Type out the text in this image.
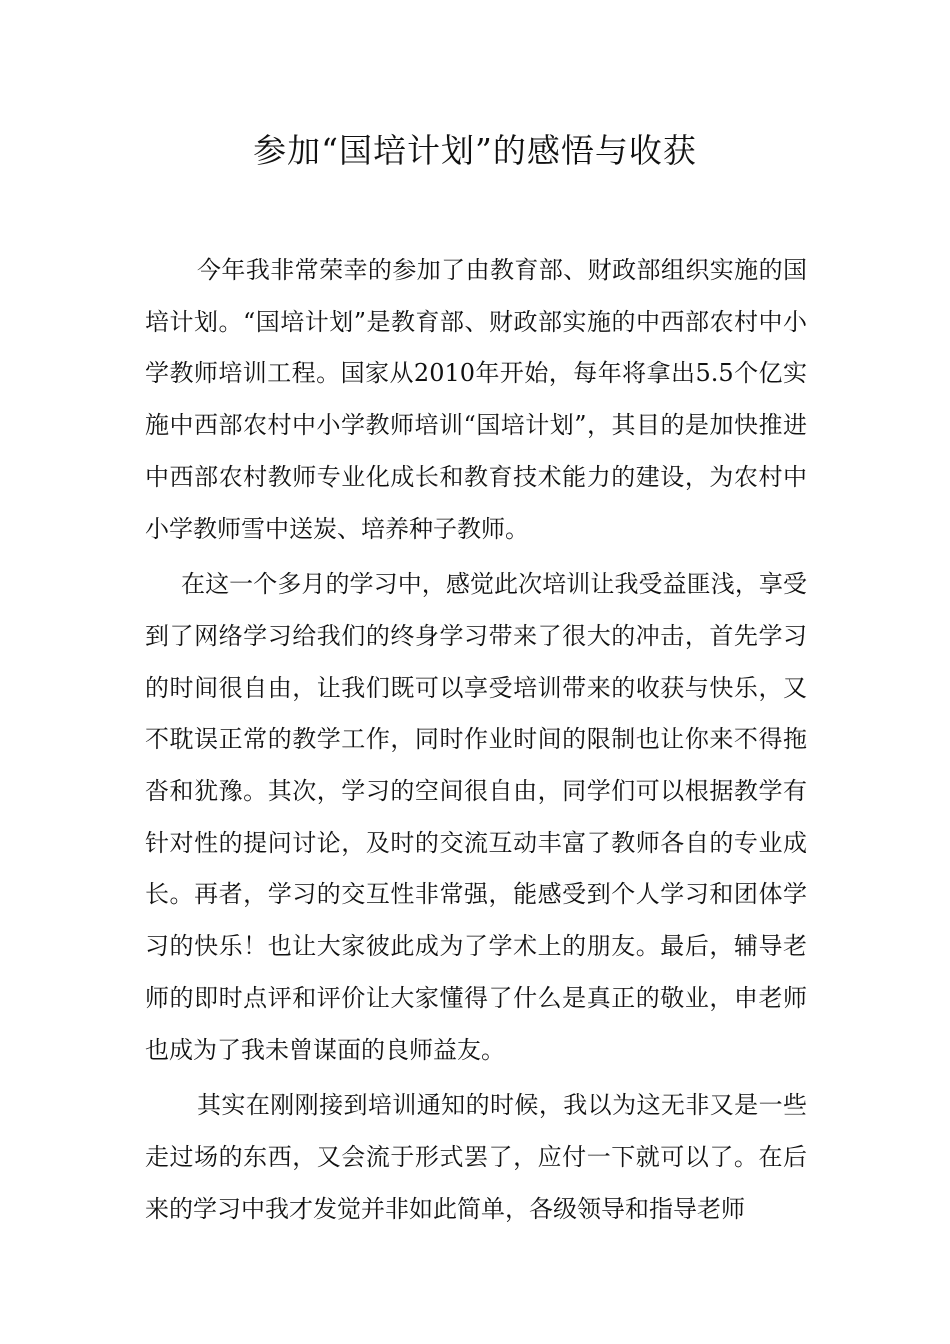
参加“国培计划”的感悟与收获

今年我非常荣幸的参加了由教育部、财政部组织实施的国培计划。“国培计划”是教育部、财政部实施的中西部农村中小学教师培训工程。国家从2010年开始，每年将拿出5.5个亿实施中西部农村中小学教师培训“国培计划”，其目的是加快推进中西部农村教师专业化成长和教育技术能力的建设，为农村中小学教师雪中送炭、培养种子教师。

在这一个多月的学习中，感觉此次培训让我受益匪浅，享受到了网络学习给我们的终身学习带来了很大的冲击，首先学习的时间很自由，让我们既可以享受培训带来的收获与快乐，又不耽误正常的教学工作，同时作业时间的限制也让你来不得拖沓和犹豫。其次，学习的空间很自由，同学们可以根据教学有针对性的提问讨论，及时的交流互动丰富了教师各自的专业成长。再者，学习的交互性非常强，能感受到个人学习和团体学习的快乐！也让大家彼此成为了学术上的朋友。最后，辅导老师的即时点评和评价让大家懂得了什么是真正的敬业，申老师也成为了我未曾谋面的良师益友。

其实在刚刚接到培训通知的时候，我以为这无非又是一些走过场的东西，又会流于形式罢了，应付一下就可以了。在后来的学习中我才发觉并非如此简单，各级领导和指导老师
